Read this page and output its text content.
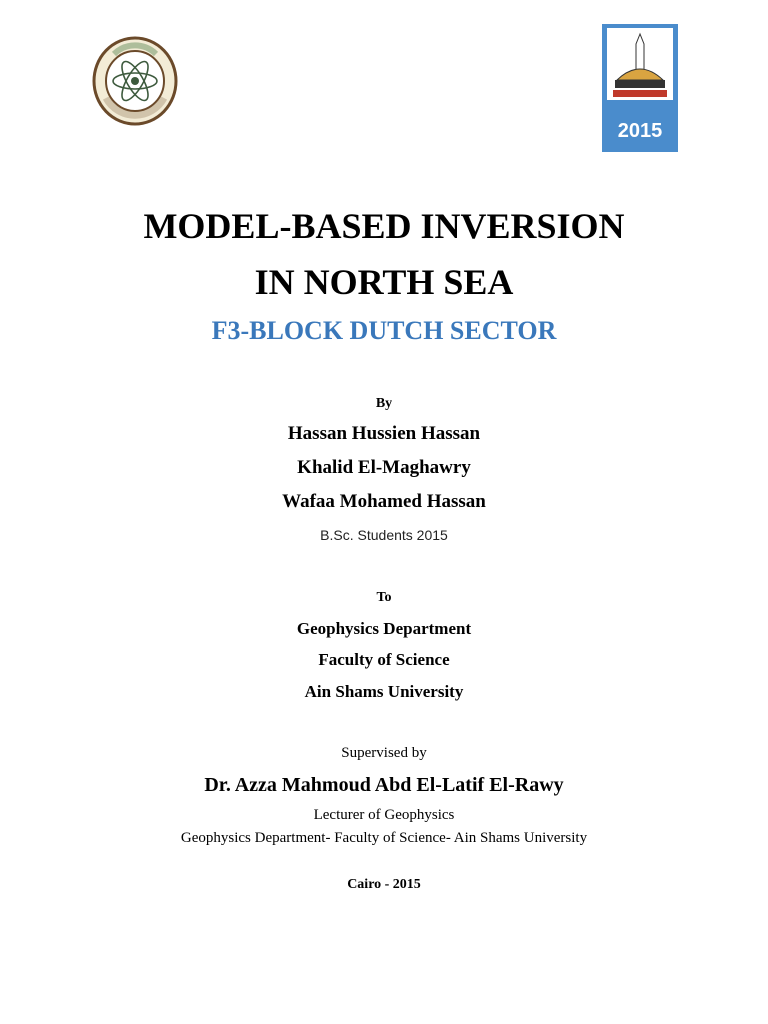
2015
MODEL-BASED INVERSION
IN NORTH SEA
F3-BLOCK DUTCH SECTOR
By
Hassan Hussien Hassan
Khalid El-Maghawry
Wafaa Mohamed Hassan
B.Sc. Students 2015
To
Geophysics Department
Faculty of Science
Ain Shams University
Supervised by
Dr. Azza Mahmoud Abd El-Latif El-Rawy
Lecturer of Geophysics
Geophysics Department- Faculty of Science- Ain Shams University
Cairo - 2015
